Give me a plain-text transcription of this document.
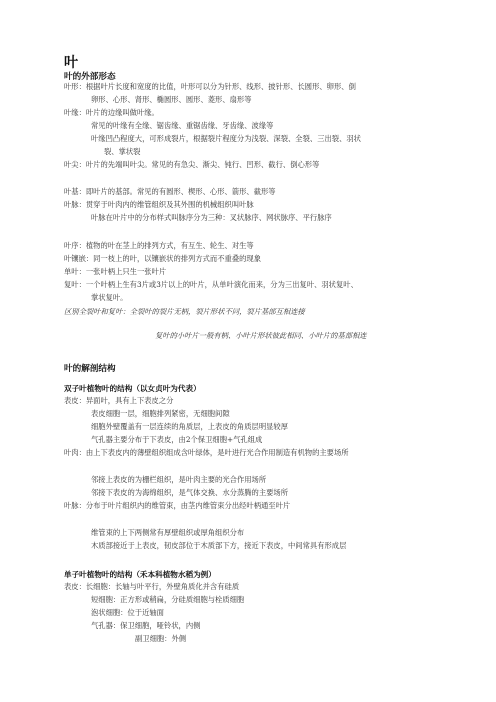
叶
叶的外部形态
叶形：根据叶片长度和宽度的比值，叶形可以分为针形、线形、披针形、长圆形、卵形、倒
卵形、心形、肾形、椭圆形、圆形、菱形、扇形等
叶缘：叶片的边缘叫做叶缘。
常见的叶缘有全缘、锯齿缘、重锯齿缘、牙齿缘、波缘等
叶缘凹凸程度大，可形成裂片，根据裂片程度分为浅裂、深裂、全裂、三出裂、羽状
裂、掌状裂
叶尖：叶片的先端叫叶尖。常见的有急尖、渐尖、钝行、凹形、截行、倒心形等
叶基：即叶片的基部。常见的有圆形、楔形、心形、箭形、截形等
叶脉：贯穿于叶肉内的维管组织及其外围的机械组织叫叶脉
叶脉在叶片中的分布样式叫脉序分为三种：叉状脉序、网状脉序、平行脉序
叶序：植物的叶在茎上的排列方式，有互生、轮生、对生等
叶镶嵌：同一枝上的叶，以镶嵌状的排列方式而不重叠的现象
单叶：一张叶柄上只生一张叶片
复叶：一个叶柄上生有3片或3片以上的叶片，从单叶演化而来，分为三出复叶、羽状复叶、
掌状复叶。
区别全裂叶和复叶：全裂叶的裂片无柄，裂片形状不同，裂片基部互相连接
复叶的小叶片一般有柄、小叶片形状彼此相同、小叶片的基部相连
叶的解剖结构
双子叶植物叶的结构（以女贞叶为代表）
表皮：异面叶，具有上下表皮之分
表皮细胞一层，细胞排列紧密，无细胞间隙
细胞外壁覆盖有一层连续的角质层，上表皮的角质层明显较厚
气孔器主要分布于下表皮，由2个保卫细胞+气孔组成
叶肉：由上下表皮内的薄壁组织组成含叶绿体，是叶进行光合作用制造有机物的主要场所
邻接上表皮的为栅栏组织，是叶肉主要的光合作用场所
邻接下表皮的为海绵组织，是气体交换、水分蒸腾的主要场所
叶脉：分布于叶片组织内的维管束，由茎内维管束分出经叶柄通至叶片
维管束的上下两侧常有厚壁组织或厚角组织分布
木质部接近于上表皮，韧皮部位于木质部下方，接近下表皮，中间常具有形成层
单子叶植物叶的结构（禾本科植物水稻为例）
表皮：长细胞：长轴与叶平行，外壁角质化并含有硅质
短细胞：正方形或稍扁，分硅质细胞与栓质细胞
泡状细胞：位于近轴面
气孔器：保卫细胞，哑铃状，内侧
副卫细胞：外侧
